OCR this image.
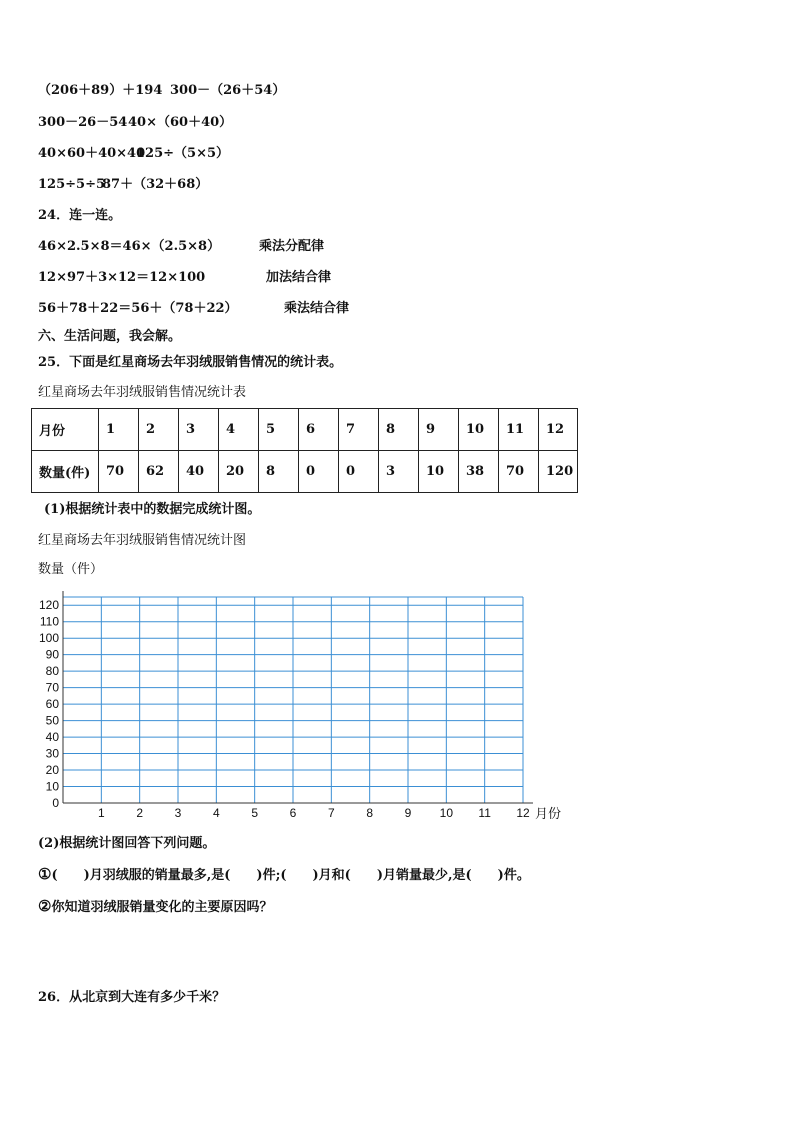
（206＋89）＋194 300－（26＋54）
300－26－54 40×（60＋40）
40×60＋40×40
125÷（5×5）
125÷5÷5
87＋（32＋68）
24．连一连。
46×2.5×8＝46×（2.5×8）
12×97＋3×12＝12×100
56＋78＋22＝56＋（78＋22）
乘法分配律
加法结合律
乘法结合律
六、生活问题，我会解。
25．下面是红星商场去年羽绒服销售情况的统计表。
红星商场去年羽绒服销售情况统计表
月份	1	2	3	4	5	6	7	8	9	10	11	12
数量(件)	70	62	40	20	8	0	0	3	10	38	70	120
(1)根据统计表中的数据完成统计图。
红星商场去年羽绒服销售情况统计图
数量（件）
0
10
20
30
40
50
60
70
80
90
100
110
120
1	2	3	4	5	6	7	8	9 10 11 12 月份
(2)根据统计图回答下列问题。
①(　　)月羽绒服的销量最多,是(　　)件;(　　)月和(　　)月销量最少,是(　　)件。
②你知道羽绒服销量变化的主要原因吗？
26．从北京到大连有多少千米？
